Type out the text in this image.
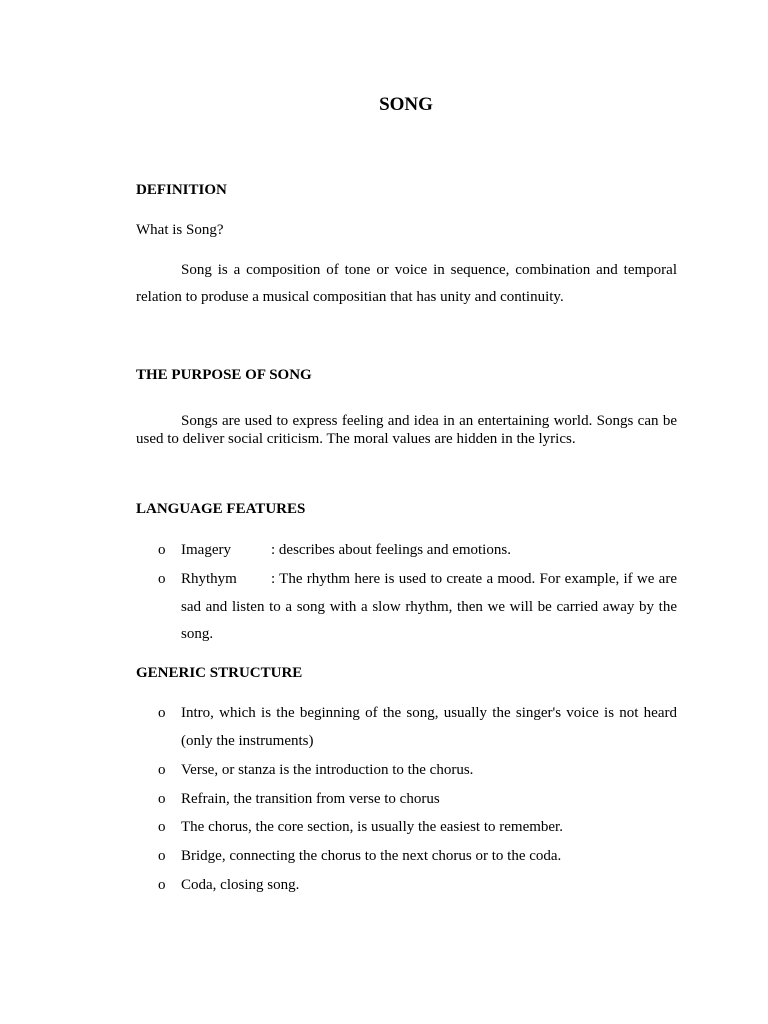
SONG
DEFINITION
What is Song?
Song is a composition of tone or voice in sequence, combination and temporal relation to produse a musical compositian that has unity and continuity.
THE PURPOSE OF SONG
Songs are used to express feeling and idea in an entertaining world. Songs can be used to deliver social criticism. The moral values are hidden in the lyrics.
LANGUAGE FEATURES
o Imagery	: describes about feelings and emotions.
o Rhythym : The rhythm here is used to create a mood. For example, if we are sad and listen to a song with a slow rhythm, then we will be carried away by the song.
GENERIC STRUCTURE
o Intro, which is the beginning of the song, usually the singer's voice is not heard (only the instruments)
o Verse, or stanza is the introduction to the chorus.
o Refrain, the transition from verse to chorus
o The chorus, the core section, is usually the easiest to remember.
o Bridge, connecting the chorus to the next chorus or to the coda.
o Coda, closing song.
